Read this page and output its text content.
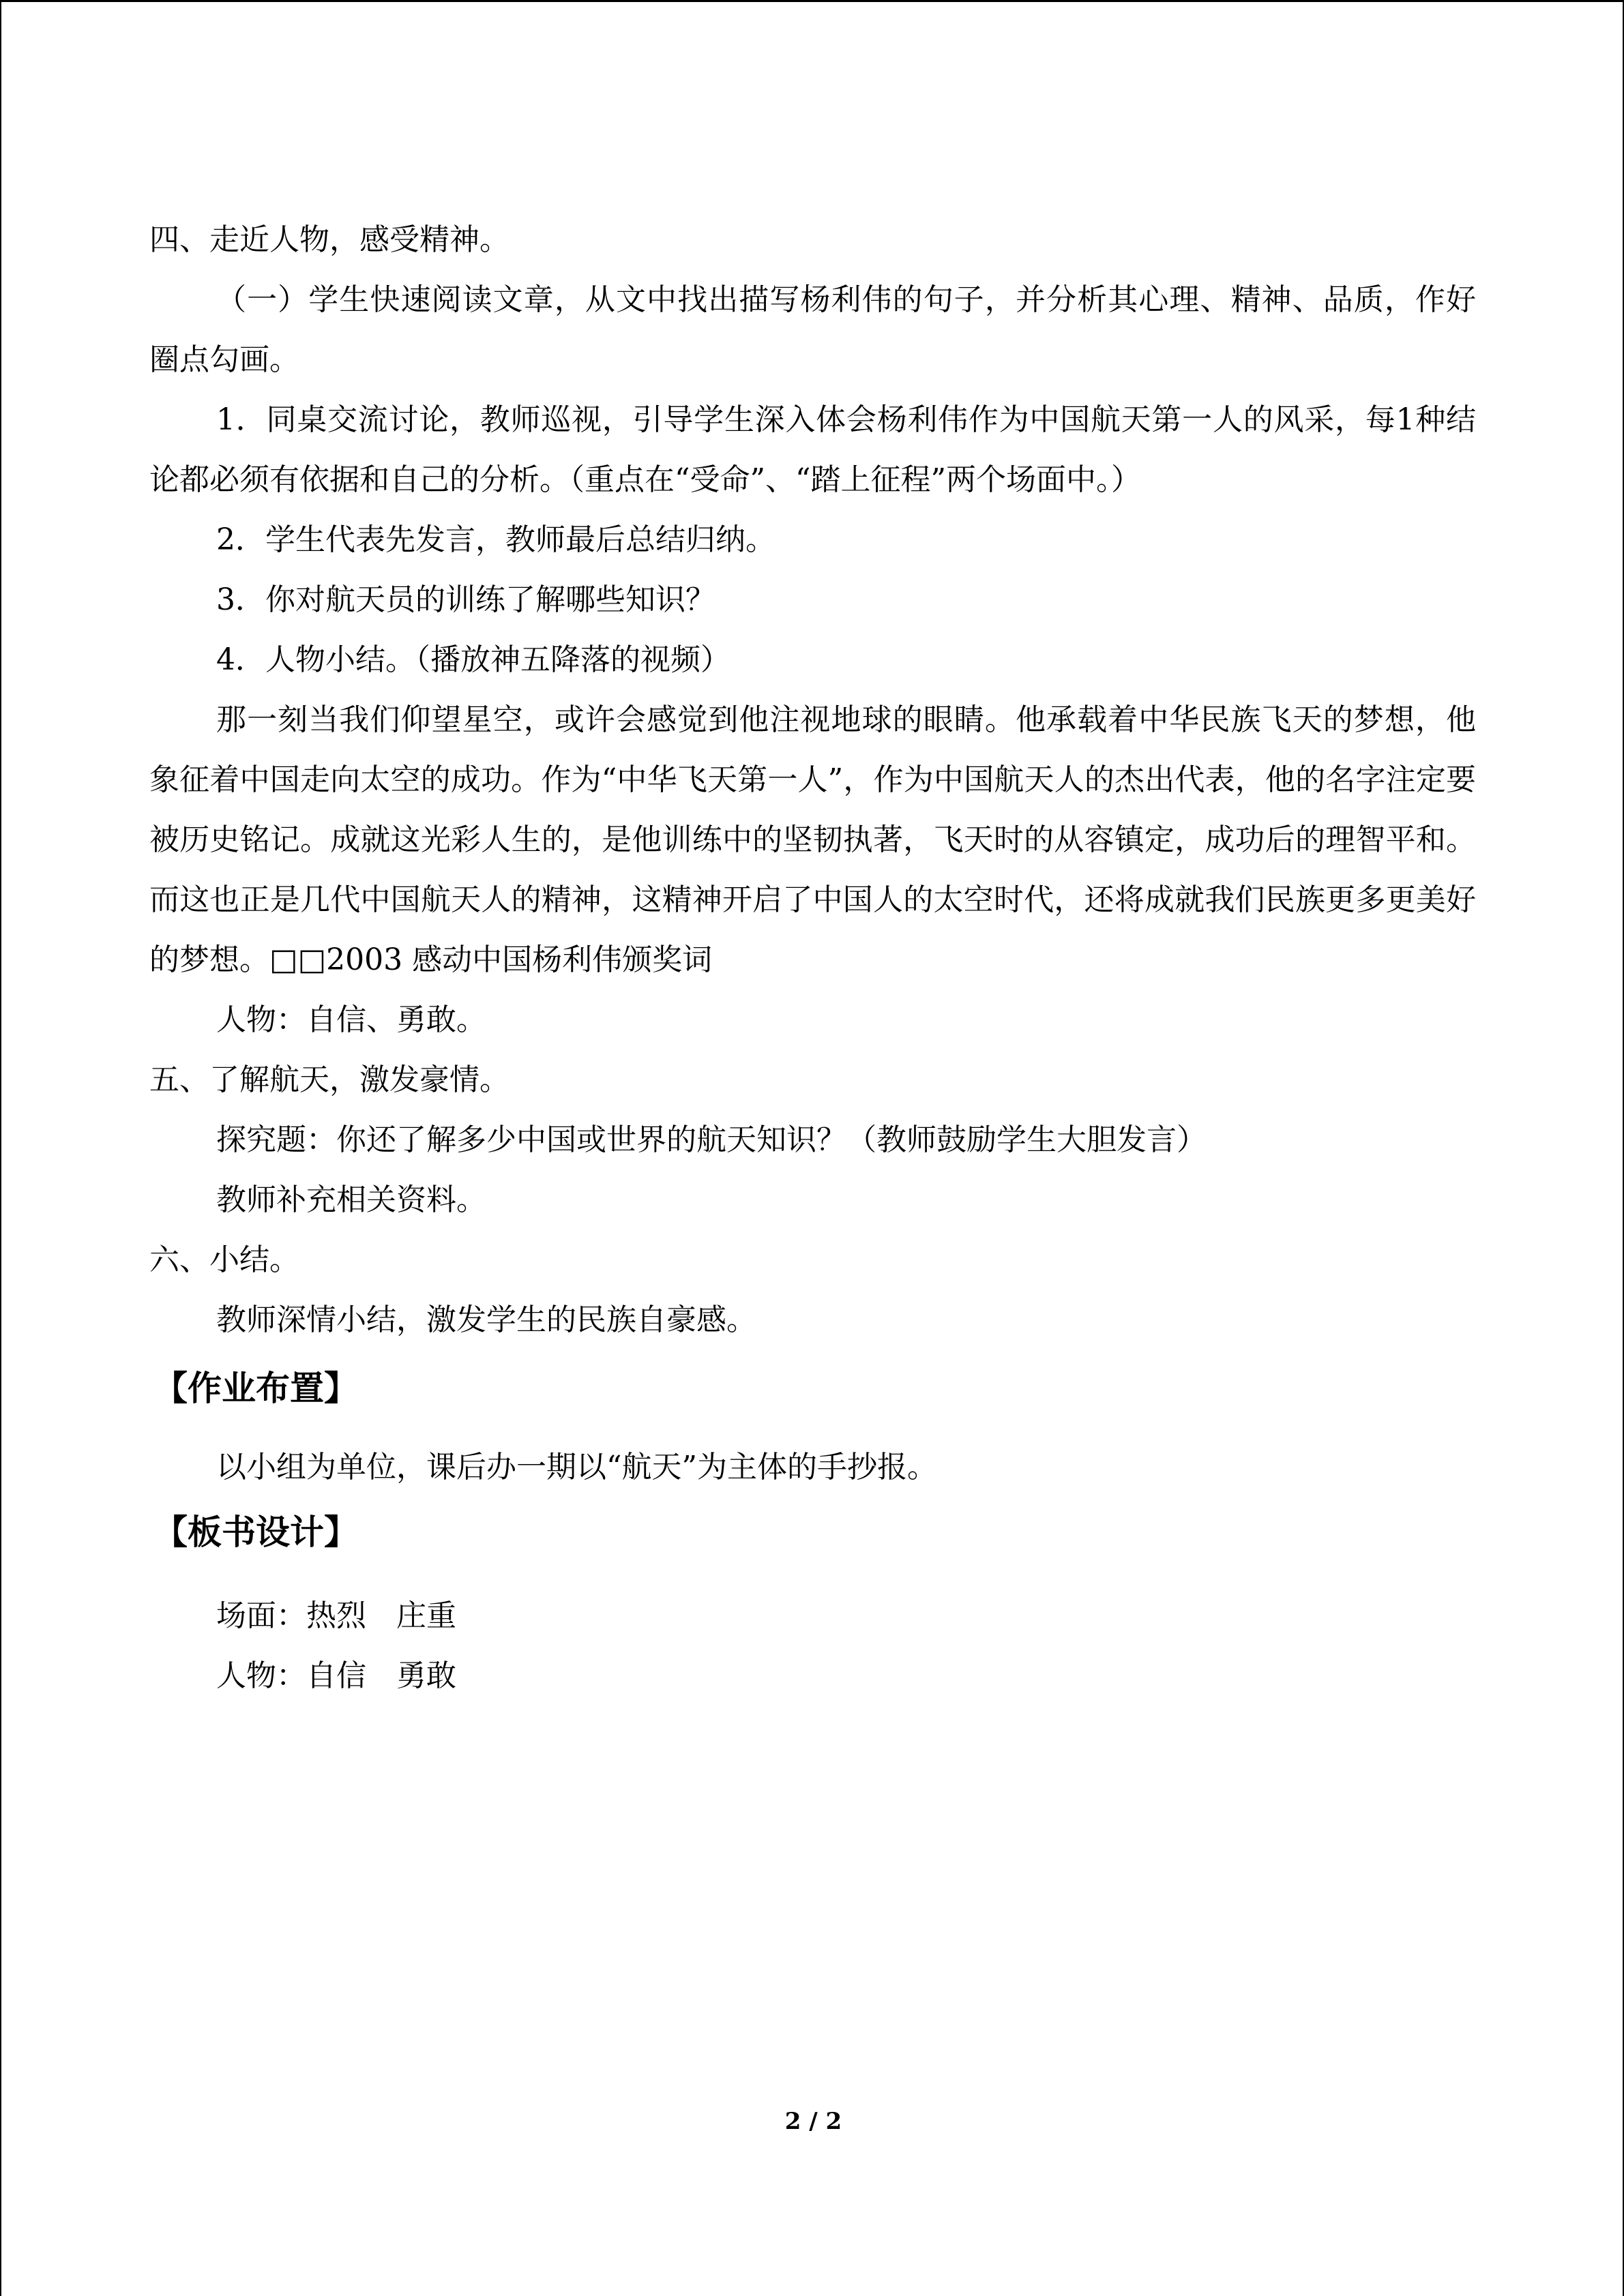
四、走近人物，感受精神。

（一）学生快速阅读文章，从文中找出描写杨利伟的句子，并分析其心理、精神、品质，作好圈点勾画。

1．同桌交流讨论，教师巡视，引导学生深入体会杨利伟作为中国航天第一人的风采，每1种结论都必须有依据和自己的分析。（重点在“受命”、“踏上征程”两个场面中。）

2．学生代表先发言，教师最后总结归纳。

3．你对航天员的训练了解哪些知识？

4．人物小结。（播放神五降落的视频）

那一刻当我们仰望星空，或许会感觉到他注视地球的眼睛。他承载着中华民族飞天的梦想，他象征着中国走向太空的成功。作为“中华飞天第一人”，作为中国航天人的杰出代表，他的名字注定要被历史铭记。成就这光彩人生的，是他训练中的坚韧执著，飞天时的从容镇定，成功后的理智平和。而这也正是几代中国航天人的精神，这精神开启了中国人的太空时代，还将成就我们民族更多更美好的梦想。□□2003 感动中国杨利伟颁奖词

人物：自信、勇敢。

五、了解航天，激发豪情。

探究题：你还了解多少中国或世界的航天知识？（教师鼓励学生大胆发言）

教师补充相关资料。

六、小结。

教师深情小结，激发学生的民族自豪感。

【作业布置】

以小组为单位，课后办一期以“航天”为主体的手抄报。

【板书设计】

场面：热烈　庄重

人物：自信　勇敢

2 / 2
